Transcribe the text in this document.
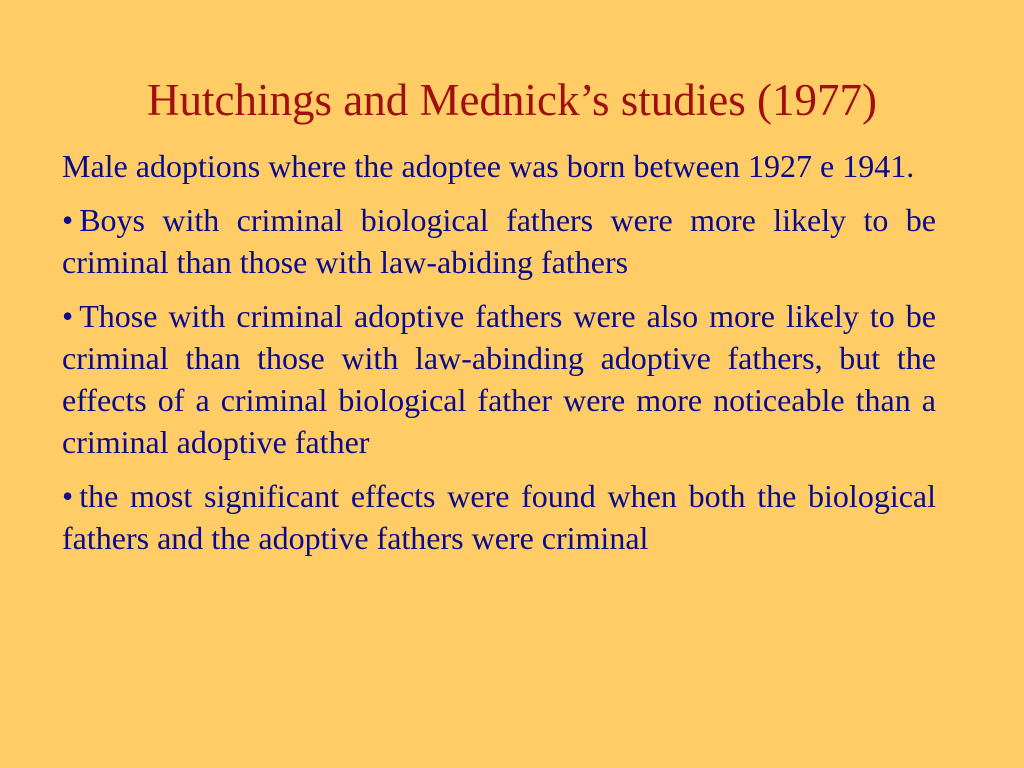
Hutchings and Mednick’s studies (1977)

Male adoptions where the adoptee was born between 1927 e 1941.

• Boys with criminal biological fathers were more likely to be criminal than those with law-abiding fathers

• Those with criminal adoptive fathers were also more likely to be criminal than those with law-abinding adoptive fathers, but the effects of a criminal biological father were more noticeable than a criminal adoptive father

• the most significant effects were found when both the biological fathers and the adoptive fathers were criminal
